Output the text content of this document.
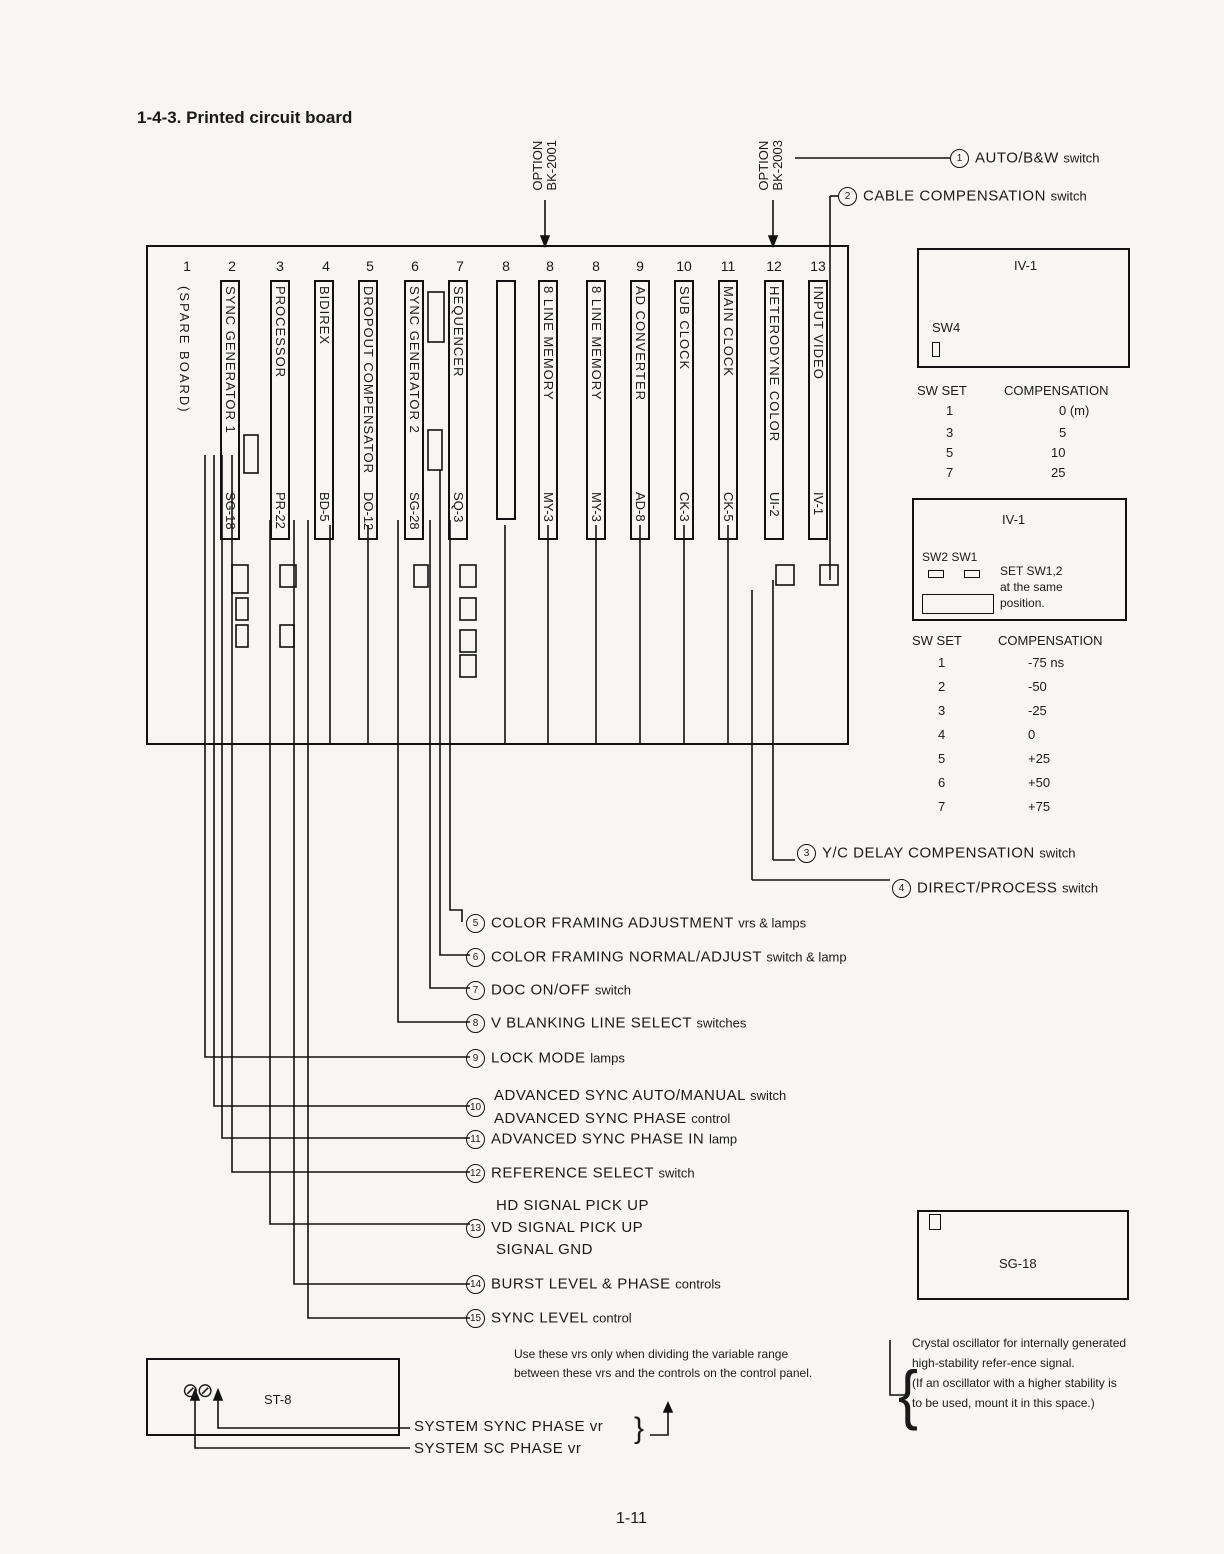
1-4-3. Printed circuit board
OPTION
BK-2001	OPTION
BK-2003
(SPARE BOARD)
1	2	3	4	5	6	7	8	8	8	9	10 11 12 13
SYNC GENERATOR 1
SG-18
PROCESSOR
PR-22
BIDIREX
BD-5
DROPOUT COMPENSATOR
DO-12
SYNC GENERATOR 2
SG-28
SEQUENCER
SQ-3
8 LINE MEMORY
MY-3
8 LINE MEMORY
MY-3
AD CONVERTER
AD-8
SUB CLOCK
CK-3
MAIN CLOCK
CK-5
HETERODYNE COLOR
UI-2
INPUT VIDEO
IV-1
1 AUTO/B&W switch
2 CABLE COMPENSATION switch
3 Y/C DELAY COMPENSATION switch
4 DIRECT/PROCESS switch
5 COLOR FRAMING ADJUSTMENT vrs & lamps
6 COLOR FRAMING NORMAL/ADJUST switch & lamp
7 DOC ON/OFF switch
8 V BLANKING LINE SELECT switches
9 LOCK MODE lamps
10
ADVANCED SYNC AUTO/MANUAL switch
ADVANCED SYNC PHASE control
11 ADVANCED SYNC PHASE IN lamp
12 REFERENCE SELECT switch
HD SIGNAL PICK UP
13 VD SIGNAL PICK UP
SIGNAL GND
14 BURST LEVEL & PHASE controls
15 SYNC LEVEL control
IV-1
SW4
SW SET	COMPENSATION
1	0 (m)
3	5
5	10
7	25
IV-1
SW2 SW1
SET SW1,2
at the same
position.
SW SET	COMPENSATION
1	-75 ns
2	-50
3	-25
4	0
5	+25
6	+50
7	+75
SG-18
Crystal oscillator for internally generated high-stability refer-ence signal.
(If an oscillator with a higher stability is to be used, mount it in this space.)
{
⊘⊘	ST-8
SYSTEM SYNC PHASE vr
SYSTEM SC PHASE vr
}
Use these vrs only when dividing the variable range between these vrs and the controls on the control panel.
1-11
